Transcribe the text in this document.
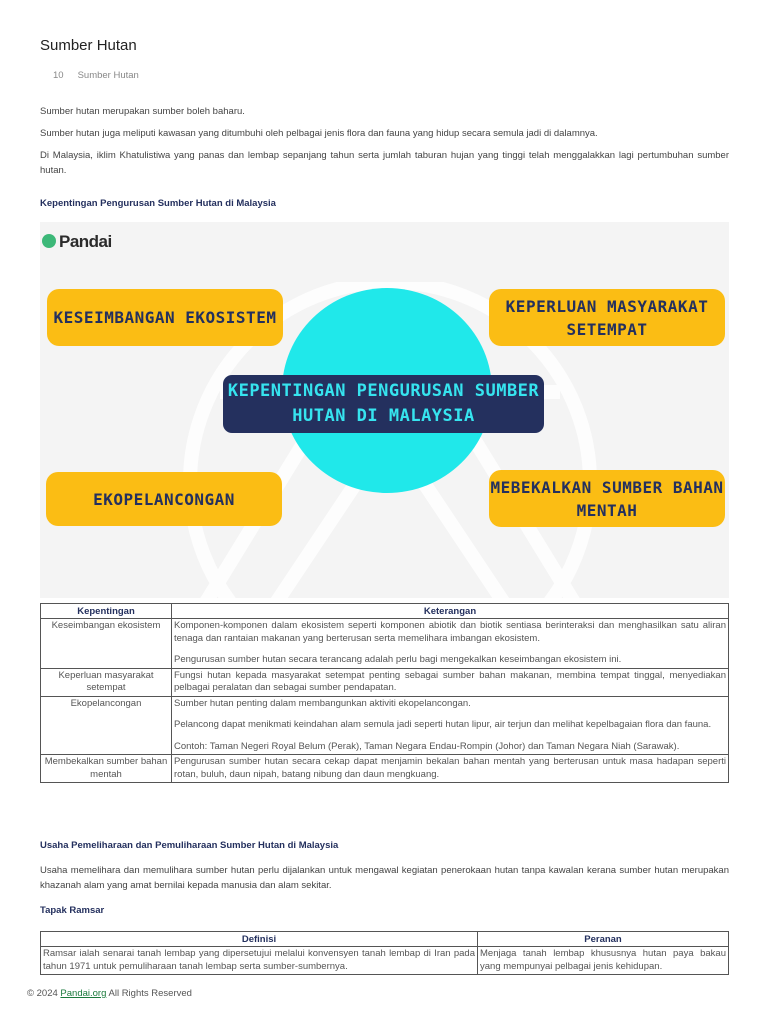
Sumber Hutan
10 Sumber Hutan
Sumber hutan merupakan sumber boleh baharu.
Sumber hutan juga meliputi kawasan yang ditumbuhi oleh pelbagai jenis flora dan fauna yang hidup secara semula jadi di dalamnya.
Di Malaysia, iklim Khatulistiwa yang panas dan lembap sepanjang tahun serta jumlah taburan hujan yang tinggi telah menggalakkan lagi pertumbuhan sumber hutan.
Kepentingan Pengurusan Sumber Hutan di Malaysia
Pandai
KEPENTINGAN PENGURUSAN SUMBER HUTAN DI MALAYSIA
KESEIMBANGAN EKOSISTEM
KEPERLUAN MASYARAKAT SETEMPAT
EKOPELANCONGAN
MEBEKALKAN SUMBER BAHAN MENTAH
Kepentingan	Keterangan
Keseimbangan ekosistem	Komponen-komponen dalam ekosistem seperti komponen abiotik dan biotik sentiasa berinteraksi dan menghasilkan satu aliran tenaga dan rantaian makanan yang berterusan serta memelihara imbangan ekosistem.

Pengurusan sumber hutan secara terancang adalah perlu bagi mengekalkan keseimbangan ekosistem ini.

Keperluan masyarakat setempat	Fungsi hutan kepada masyarakat setempat penting sebagai sumber bahan makanan, membina tempat tinggal, menyediakan pelbagai peralatan dan sebagai sumber pendapatan.

Ekopelancongan	Sumber hutan penting dalam membangunkan aktiviti ekopelancongan.

Pelancong dapat menikmati keindahan alam semula jadi seperti hutan lipur, air terjun dan melihat kepelbagaian flora dan fauna.

Contoh: Taman Negeri Royal Belum (Perak), Taman Negara Endau-Rompin (Johor) dan Taman Negara Niah (Sarawak).

Membekalkan sumber bahan mentah	Pengurusan sumber hutan secara cekap dapat menjamin bekalan bahan mentah yang berterusan untuk masa hadapan seperti rotan, buluh, daun nipah, batang nibung dan daun mengkuang.

Usaha Pemeliharaan dan Pemuliharaan Sumber Hutan di Malaysia
Usaha memelihara dan memulihara sumber hutan perlu dijalankan untuk mengawal kegiatan penerokaan hutan tanpa kawalan kerana sumber hutan merupakan khazanah alam yang amat bernilai kepada manusia dan alam sekitar.
Tapak Ramsar
Definisi	Peranan

Ramsar ialah senarai tanah lembap yang dipersetujui melalui konvensyen tanah lembap di Iran pada tahun 1971 untuk pemuliharaan tanah lembap serta sumber-sumbernya.	Menjaga tanah lembap khususnya hutan paya bakau yang mempunyai pelbagai jenis kehidupan.

© 2024 Pandai.org All Rights Reserved
